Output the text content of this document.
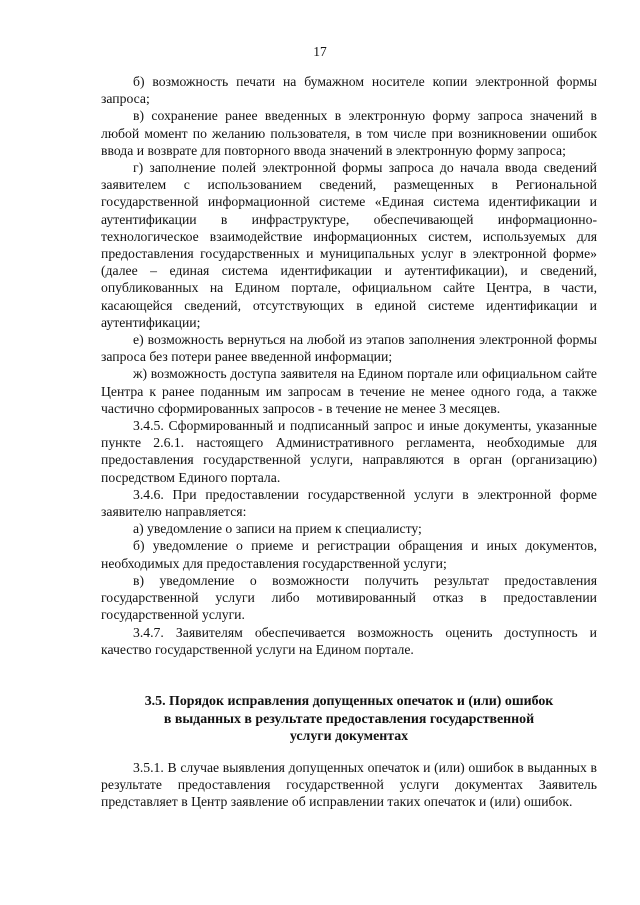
17

б) возможность печати на бумажном носителе копии электронной формы запроса;

в) сохранение ранее введенных в электронную форму запроса значений в любой момент по желанию пользователя, в том числе при возникновении ошибок ввода и возврате для повторного ввода значений в электронную форму запроса;

г) заполнение полей электронной формы запроса до начала ввода сведений заявителем с использованием сведений, размещенных в Региональной государственной информационной системе «Единая система идентификации и аутентификации в инфраструктуре, обеспечивающей информационно-технологическое взаимодействие информационных систем, используемых для предоставления государственных и муниципальных услуг в электронной форме» (далее – единая система идентификации и аутентификации), и сведений, опубликованных на Едином портале, официальном сайте Центра, в части, касающейся сведений, отсутствующих в единой системе идентификации и аутентификации;

е) возможность вернуться на любой из этапов заполнения электронной формы запроса без потери ранее введенной информации;

ж) возможность доступа заявителя на Едином портале или официальном сайте Центра к ранее поданным им запросам в течение не менее одного года, а также частично сформированных запросов - в течение не менее 3 месяцев.

3.4.5. Сформированный и подписанный запрос и иные документы, указанные пункте 2.6.1. настоящего Административного регламента, необходимые для предоставления государственной услуги, направляются в орган (организацию) посредством Единого портала.

3.4.6. При предоставлении государственной услуги в электронной форме заявителю направляется:

а) уведомление о записи на прием к специалисту;

б) уведомление о приеме и регистрации обращения и иных документов, необходимых для предоставления государственной услуги;

в) уведомление о возможности получить результат предоставления государственной услуги либо мотивированный отказ в предоставлении государственной услуги.

3.4.7. Заявителям обеспечивается возможность оценить доступность и качество государственной услуги на Едином портале.

3.5. Порядок исправления допущенных опечаток и (или) ошибок
в выданных в результате предоставления государственной
услуги документах

3.5.1. В случае выявления допущенных опечаток и (или) ошибок в выданных в результате предоставления государственной услуги документах Заявитель представляет в Центр заявление об исправлении таких опечаток и (или) ошибок.
